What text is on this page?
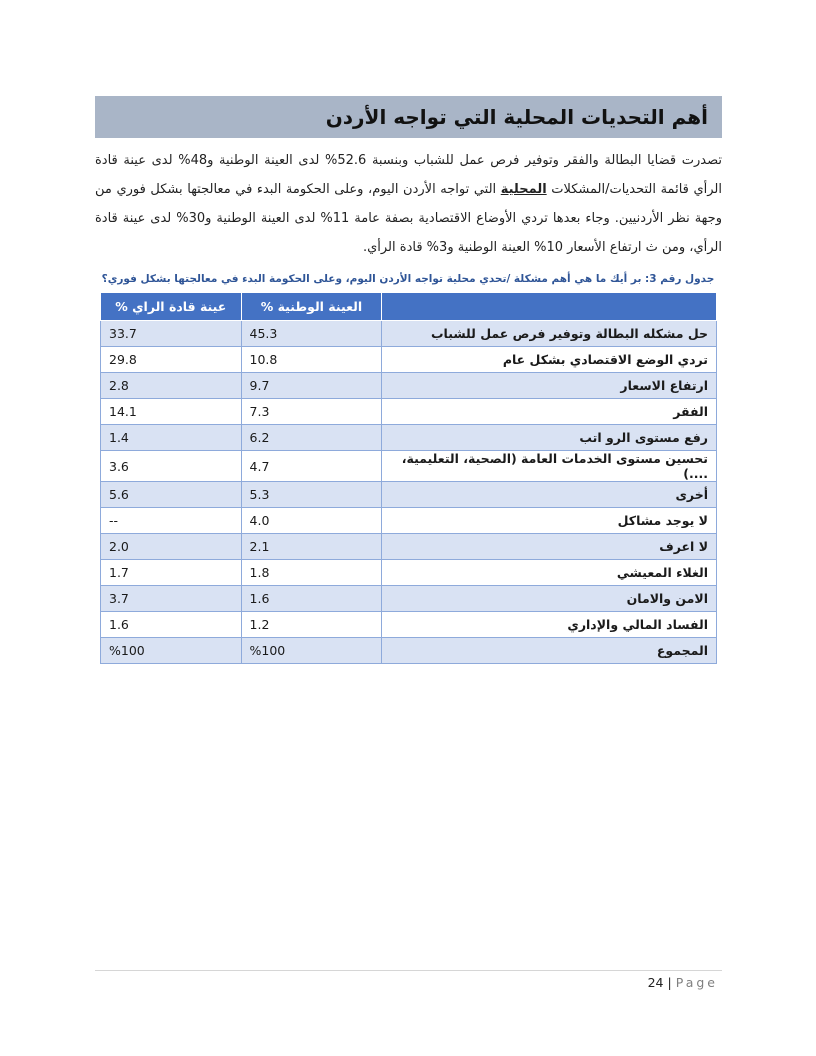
أهم التحديات المحلية التي تواجه الأردن

تصدرت قضايا البطالة والفقر وتوفير فرص عمل للشباب وبنسبة 52.6% لدى العينة الوطنية و48% لدى عينة قادة الرأي قائمة التحديات/المشكلات المحلية التي تواجه الأردن اليوم، وعلى الحكومة البدء في معالجتها بشكل فوري من وجهة نظر الأردنيين. وجاء بعدها تردي الأوضاع الاقتصادية بصفة عامة 11% لدى العينة الوطنية و30% لدى عينة قادة الرأي، ومن ث ارتفاع الأسعار 10% العينة الوطنية و3% قادة الرأي.

جدول رقم 3: بر أيك ما هي أهم مشكلة /تحدي محلية تواجه الأردن اليوم، وعلى الحكومة البدء في معالجتها بشكل فوري؟
	العينة الوطنية %	عينة قادة الراي %
حل مشكله البطالة وتوفير فرص عمل للشباب	45.3	33.7
تردي الوضع الاقتصادي بشكل عام	10.8	29.8
ارتفاع الاسعار	9.7	2.8
الفقر	7.3	14.1
رفع مستوى الرو اتب	6.2	1.4
تحسين مستوى الخدمات العامة (الصحية، التعليمية، ....)	4.7	3.6
أخرى	5.3	5.6
لا يوجد مشاكل	4.0	--
لا اعرف	2.1	2.0
الغلاء المعيشي	1.8	1.7
الامن والامان	1.6	3.7
الفساد المالي والإداري	1.2	1.6
المجموع	%100	%100
24 | Page
